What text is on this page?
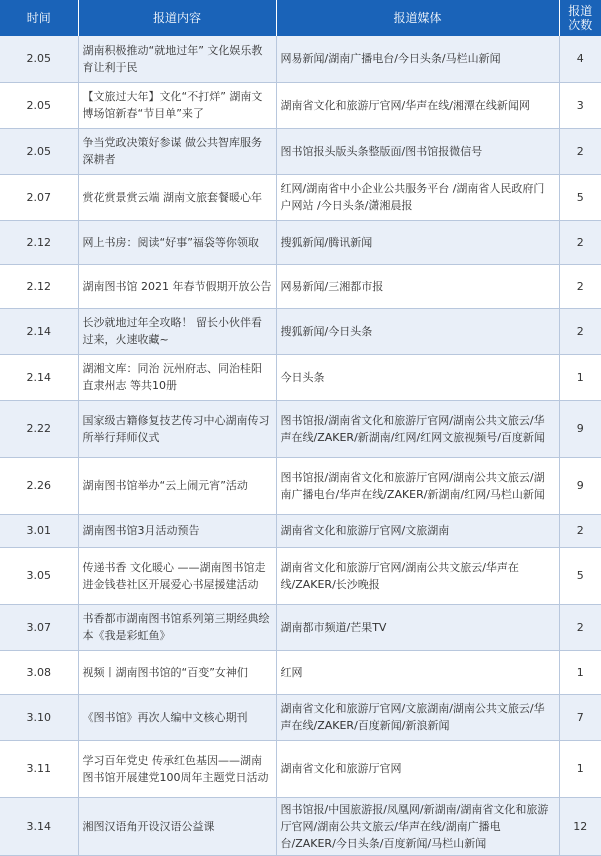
时间	报道内容	报道媒体	报道次数
2.05	湖南积极推动“就地过年” 文化娱乐教育让利于民	网易新闻/湖南广播电台/今日头条/马栏山新闻	4
2.05	【文旅过大年】文化“不打烊” 湖南文博场馆新春“节目单”来了	湖南省文化和旅游厅官网/华声在线/湘潭在线新闻网	3
2.05	争当党政决策好参谋 做公共智库服务深耕者	图书馆报头版头条整版面/图书馆报微信号	2
2.07	赏花赏景赏云端 湖南文旅套餐暖心年	红网/湖南省中小企业公共服务平台 /湖南省人民政府门户网站 /今日头条/潇湘晨报	5
2.12	网上书房：阅读“好事”福袋等你领取	搜狐新闻/腾讯新闻	2
2.12	湖南图书馆 2021 年春节假期开放公告	网易新闻/三湘都市报	2
2.14	长沙就地过年全攻略！ 留长小伙伴看过来，火速收藏~	搜狐新闻/今日头条	2
2.14	湖湘文库：同治 沅州府志、同治桂阳直隶州志 等共10册	今日头条	1
2.22	国家级古籍修复技艺传习中心湖南传习所举行拜师仪式	图书馆报/湖南省文化和旅游厅官网/湖南公共文旅云/华声在线/ZAKER/新湖南/红网/红网文旅视频号/百度新闻	9
2.26	湖南图书馆举办“云上闹元宵”活动	图书馆报/湖南省文化和旅游厅官网/湖南公共文旅云/湖南广播电台/华声在线/ZAKER/新湖南/红网/马栏山新闻	9
3.01	湖南图书馆3月活动预告	湖南省文化和旅游厅官网/文旅湖南	2
3.05	传递书香 文化暖心 ——湖南图书馆走进金钱巷社区开展爱心书屋援建活动	湖南省文化和旅游厅官网/湖南公共文旅云/华声在线/ZAKER/长沙晚报	5
3.07	书香都市湖南图书馆系列第三期经典绘本《我是彩虹鱼》	湖南都市频道/芒果TV	2
3.08	视频丨湖南图书馆的“百变”女神们	红网	1
3.10	《图书馆》再次人编中文核心期刊	湖南省文化和旅游厅官网/文旅湖南/湖南公共文旅云/华声在线/ZAKER/百度新闻/新浪新闻	7
3.11	学习百年党史 传承红色基因——湖南图书馆开展建党100周年主题党日活动	湖南省文化和旅游厅官网	1
3.14	湘图汉语角开设汉语公益课	图书馆报/中国旅游报/凤凰网/新湖南/湖南省文化和旅游厅官网/湖南公共文旅云/华声在线/湖南广播电台/ZAKER/今日头条/百度新闻/马栏山新闻	12
